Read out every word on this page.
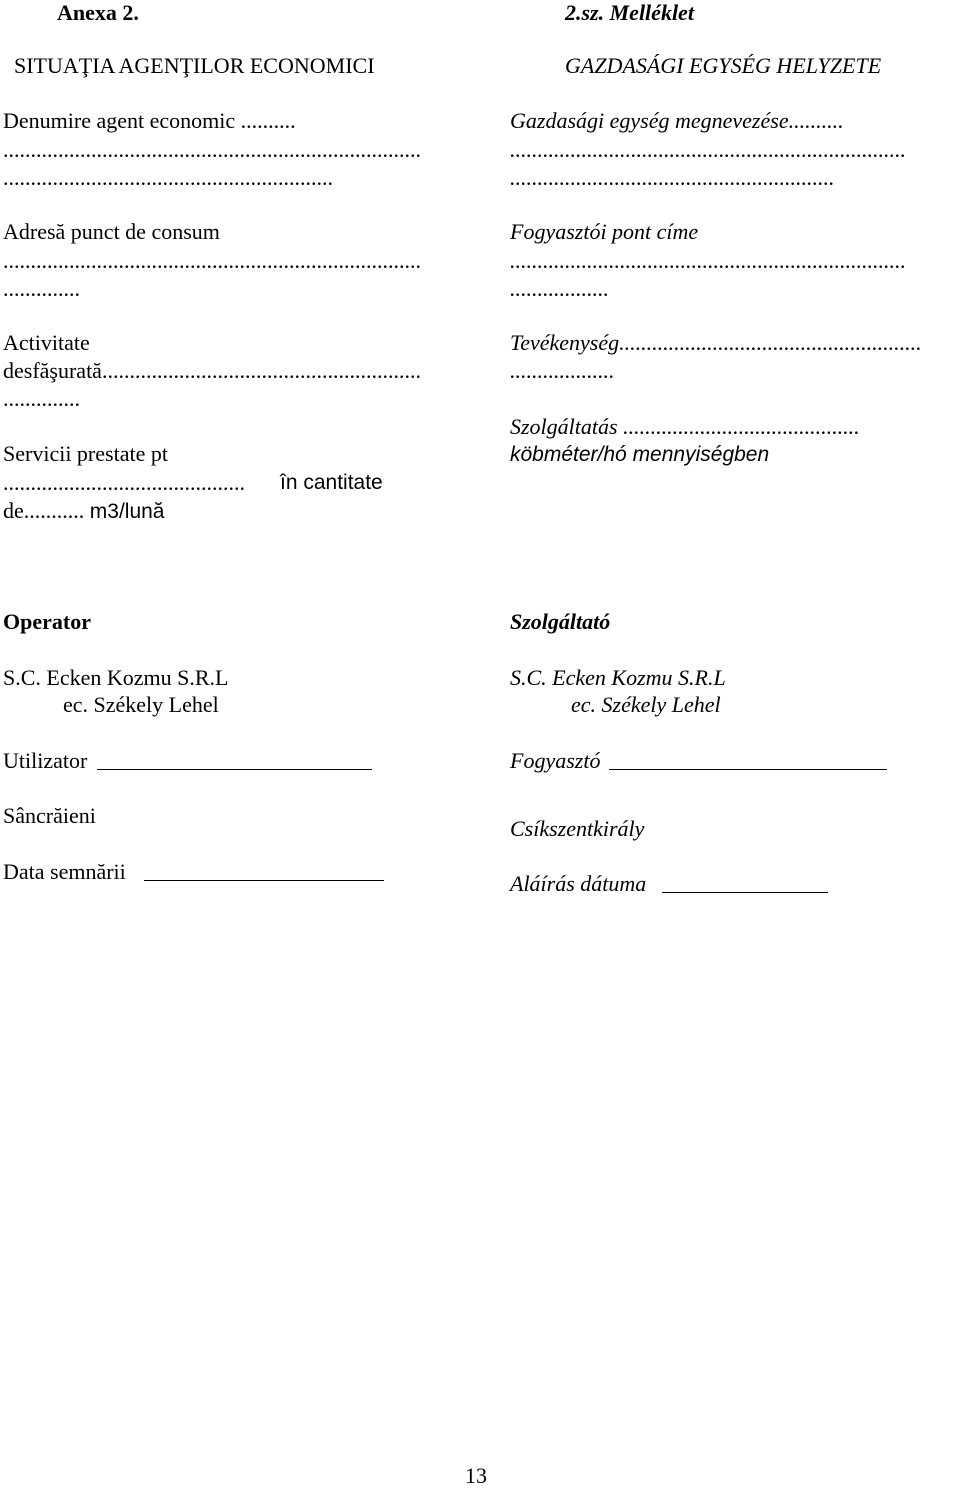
Anexa 2.
SITUAŢIA AGENŢILOR ECONOMICI
Denumire agent economic ..........
............................................................................
............................................................
Adresă punct de consum
............................................................................
..............
Activitate
desfăşurată..........................................................
..............
Servicii prestate pt
............................................ în cantitate
de........... m3/lună
Operator
S.C. Ecken Kozmu S.R.L
ec. Székely Lehel
Utilizator
Sâncrăieni
Data semnării
2.sz. Melléklet
GAZDASÁGI EGYSÉG HELYZETE
Gazdasági egység megnevezése..........
........................................................................
...........................................................
Fogyasztói pont címe
........................................................................
..................
Tevékenység.......................................................
...................
Szolgáltatás ...........................................
köbméter/hó mennyiségben
Szolgáltató
S.C. Ecken Kozmu S.R.L
ec. Székely Lehel
Fogyasztó
Csíkszentkirály
Aláírás dátuma
13
